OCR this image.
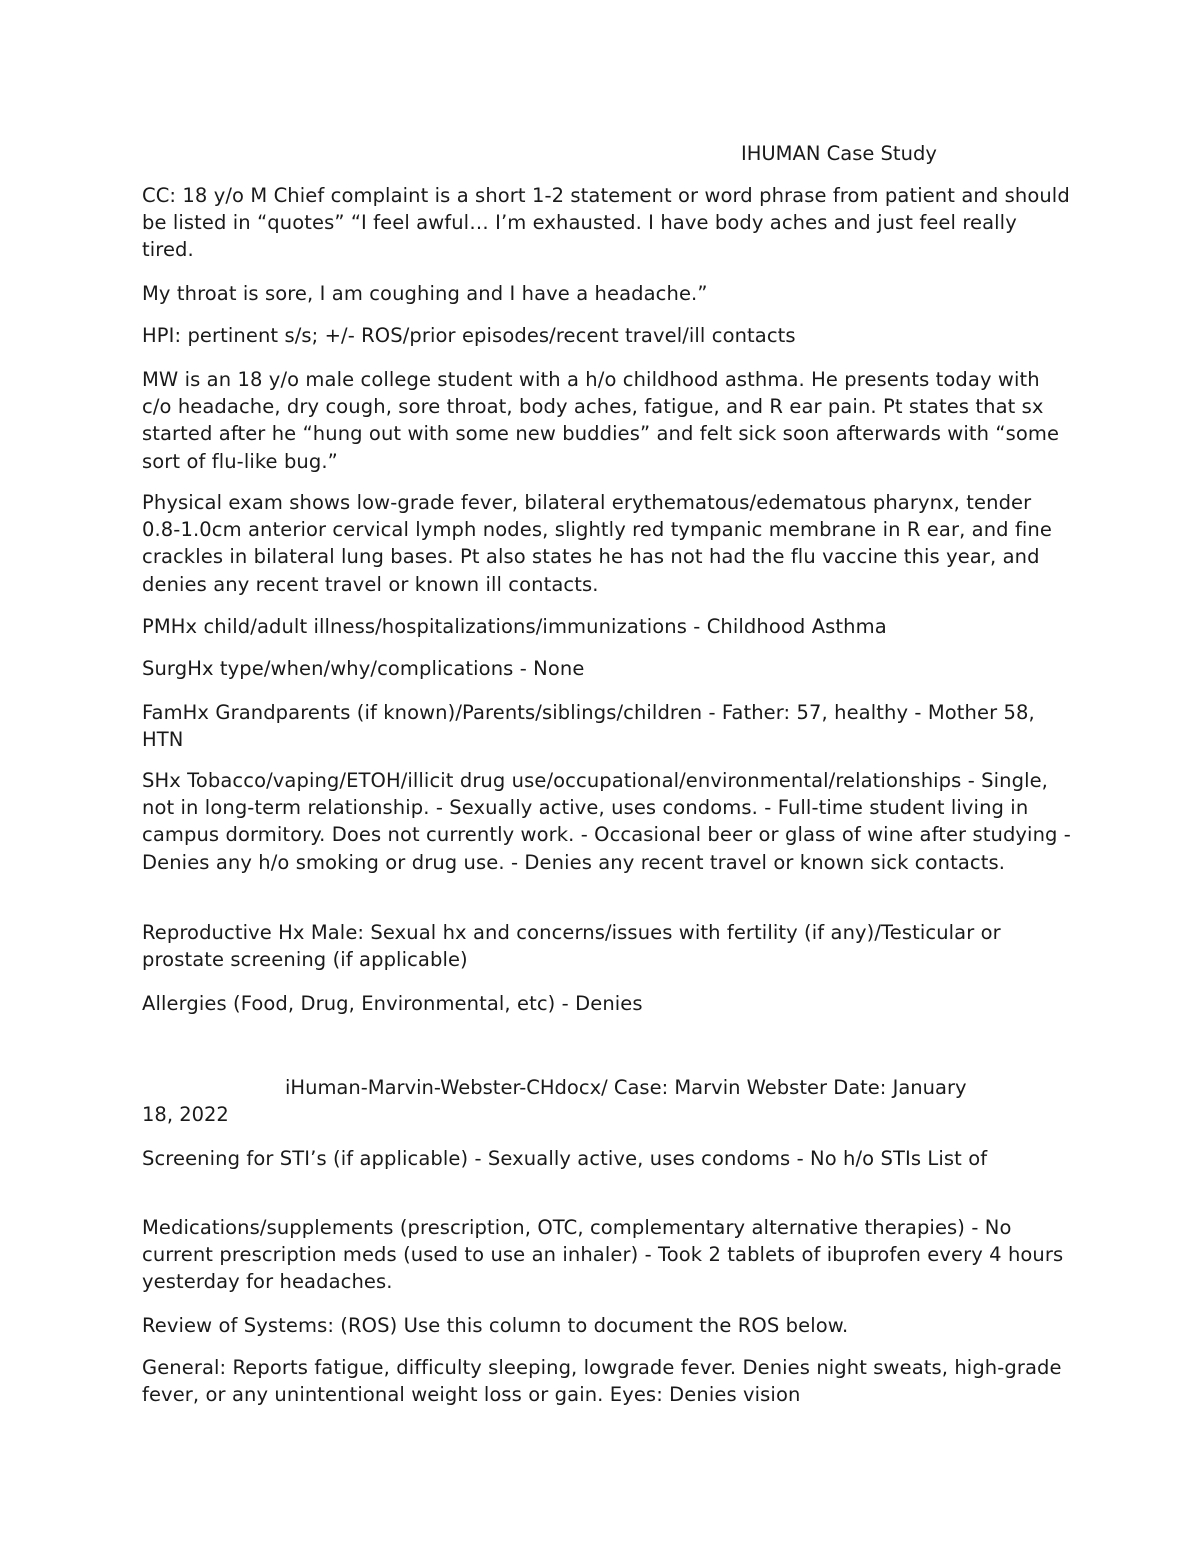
IHUMAN Case Study

CC: 18 y/o M Chief complaint is a short 1-2 statement or word phrase from patient and should be listed in “quotes” “I feel awful… I’m exhausted. I have body aches and just feel really tired.

My throat is sore, I am coughing and I have a headache.”

HPI: pertinent s/s; +/- ROS/prior episodes/recent travel/ill contacts

MW is an 18 y/o male college student with a h/o childhood asthma. He presents today with c/o headache, dry cough, sore throat, body aches, fatigue, and R ear pain. Pt states that sx started after he “hung out with some new buddies” and felt sick soon afterwards with “some sort of flu-like bug.”

Physical exam shows low-grade fever, bilateral erythematous/edematous pharynx, tender 0.8-1.0cm anterior cervical lymph nodes, slightly red tympanic membrane in R ear, and fine crackles in bilateral lung bases. Pt also states he has not had the flu vaccine this year, and denies any recent travel or known ill contacts.

PMHx child/adult illness/hospitalizations/immunizations - Childhood Asthma

SurgHx type/when/why/complications - None

FamHx Grandparents (if known)/Parents/siblings/children - Father: 57, healthy - Mother 58, HTN

SHx Tobacco/vaping/ETOH/illicit drug use/occupational/environmental/relationships - Single, not in long-term relationship. - Sexually active, uses condoms. - Full-time student living in campus dormitory. Does not currently work. - Occasional beer or glass of wine after studying - Denies any h/o smoking or drug use. - Denies any recent travel or known sick contacts.

Reproductive Hx Male: Sexual hx and concerns/issues with fertility (if any)/Testicular or prostate screening (if applicable)

Allergies (Food, Drug, Environmental, etc) - Denies

iHuman-Marvin-Webster-CHdocx/ Case: Marvin Webster Date: January

18, 2022

Screening for STI’s (if applicable) - Sexually active, uses condoms - No h/o STIs List of

Medications/supplements (prescription, OTC, complementary alternative therapies) - No current prescription meds (used to use an inhaler) - Took 2 tablets of ibuprofen every 4 hours yesterday for headaches.

Review of Systems: (ROS) Use this column to document the ROS below.

General: Reports fatigue, difficulty sleeping, lowgrade fever. Denies night sweats, high-grade fever, or any unintentional weight loss or gain. Eyes: Denies vision
